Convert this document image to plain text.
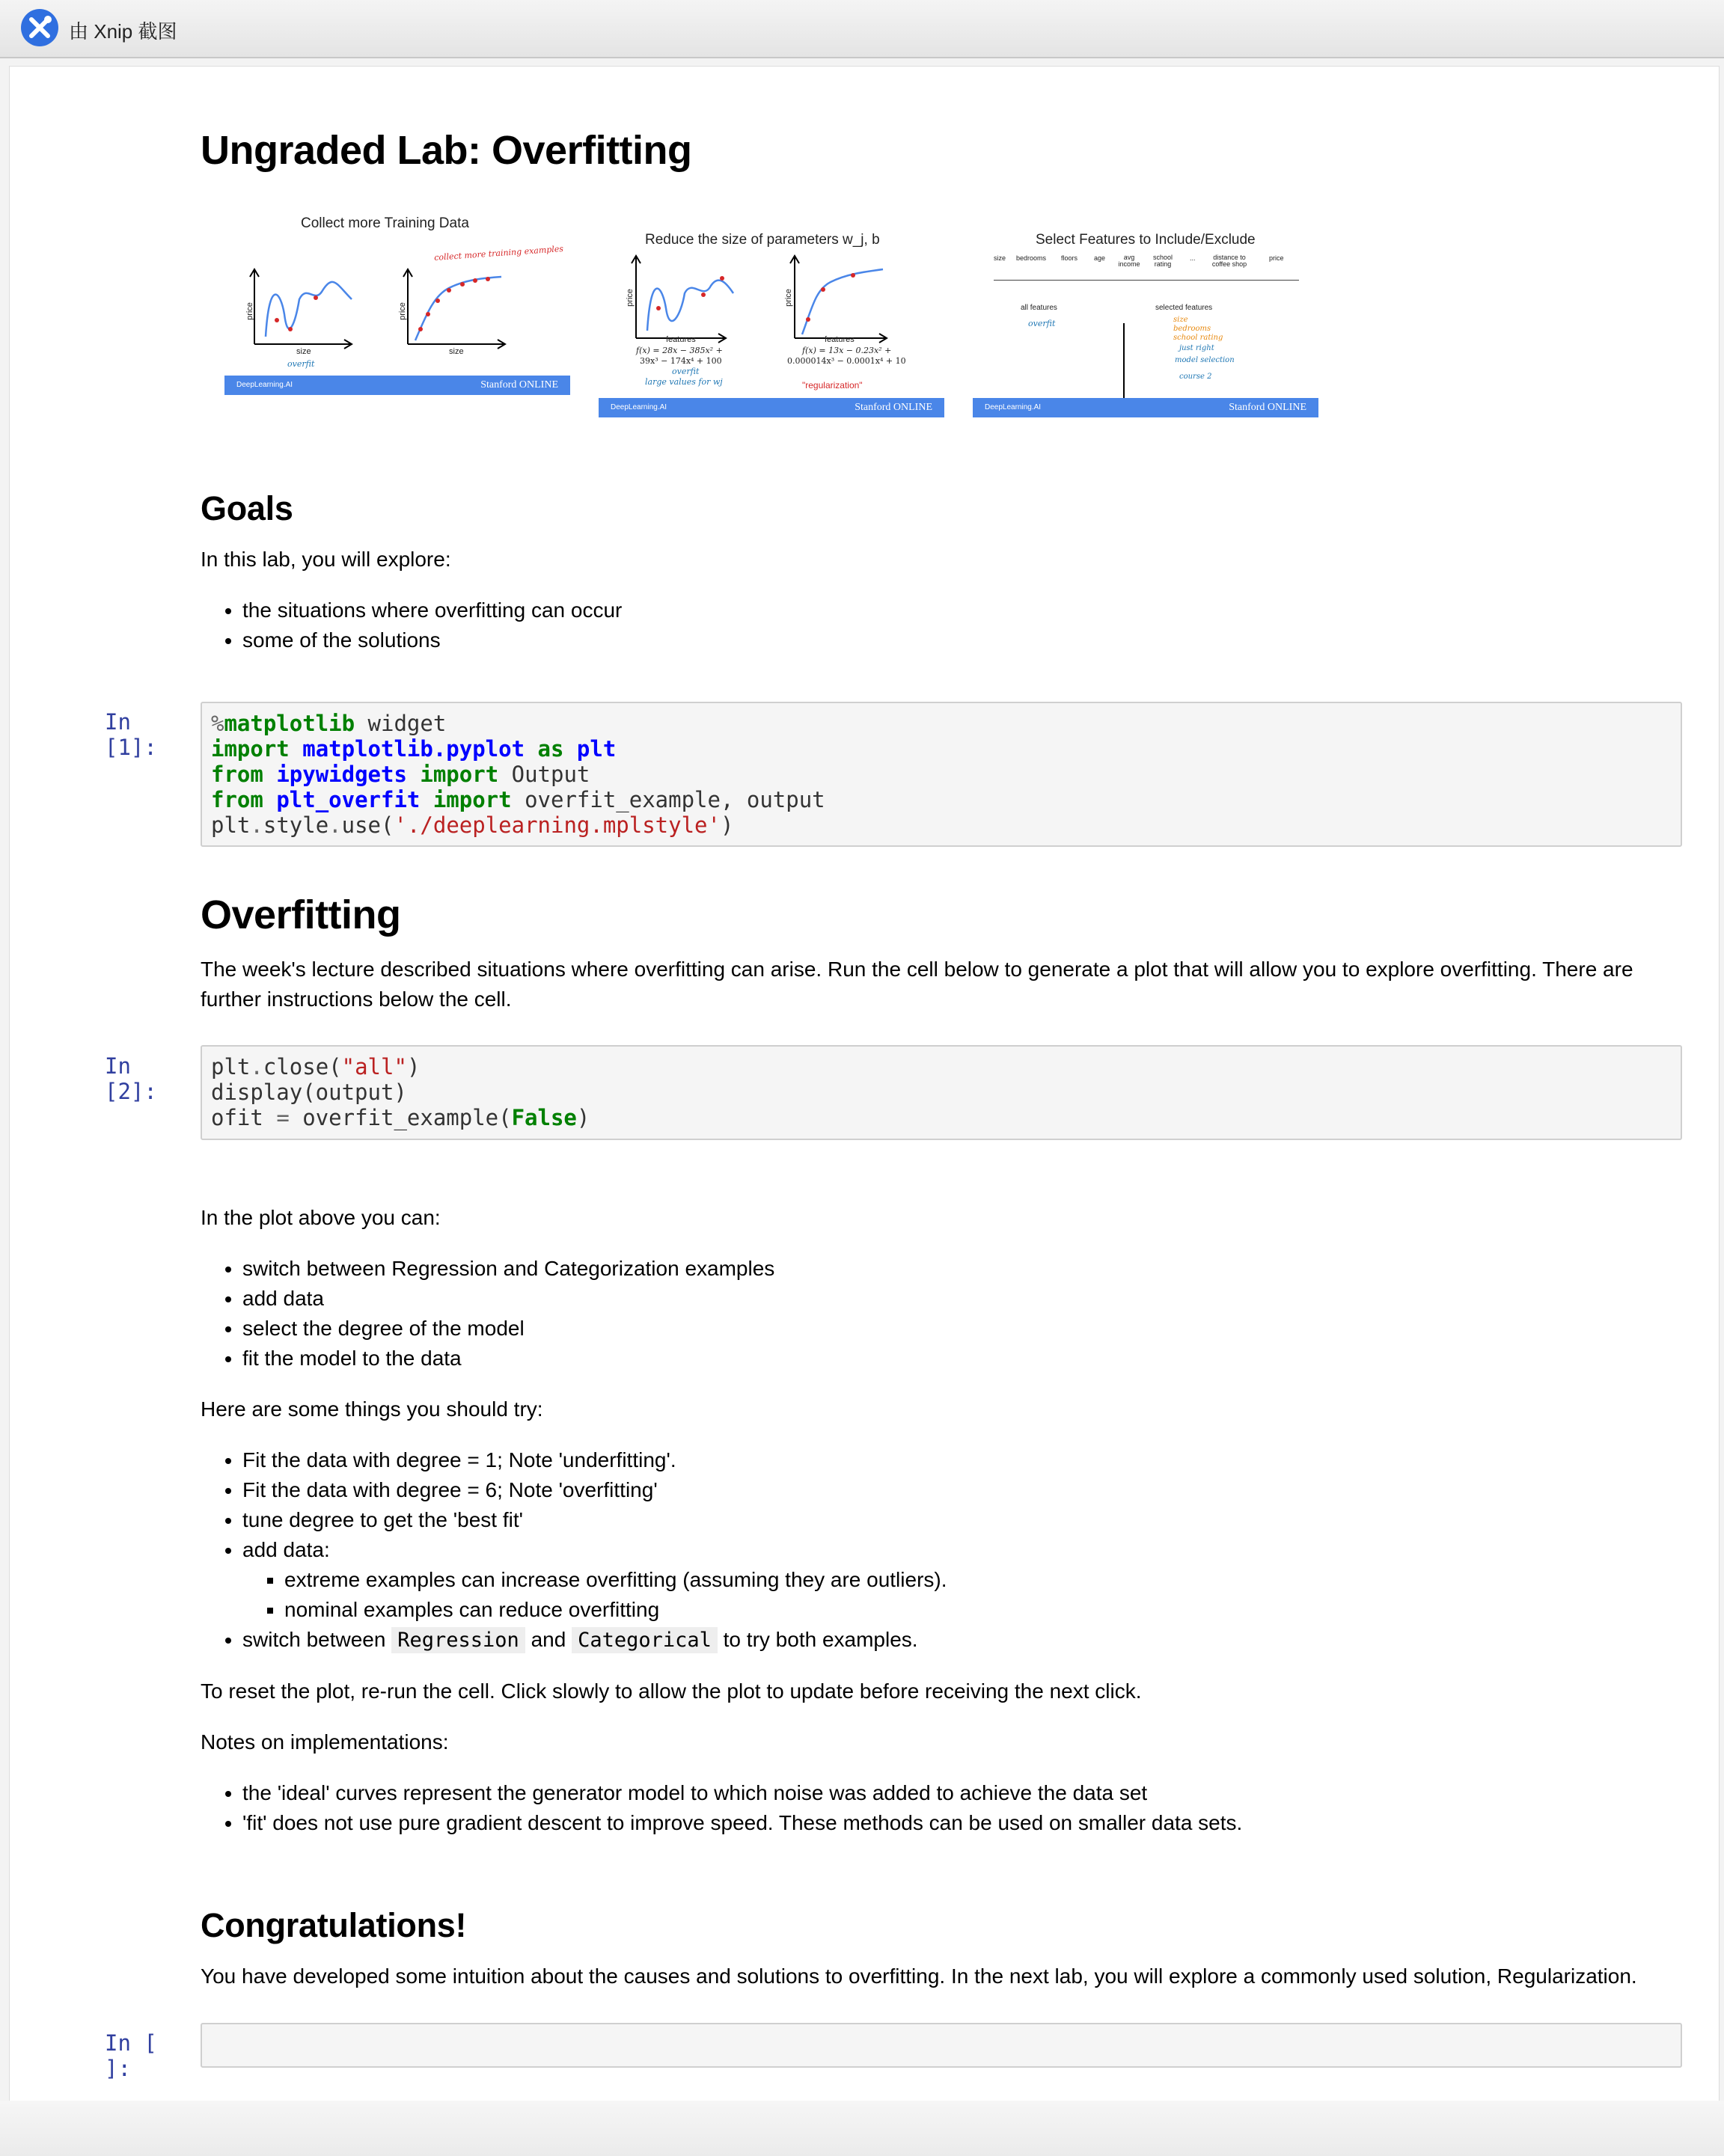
由 Xnip 截图
Ungraded Lab: Overfitting
Collect more Training Data
collect more training examples
price	price
size	size
overfit
DeepLearning.AI	Stanford ONLINE
Reduce the size of parameters w_j, b
price	price
features	features
f(x) = 28x − 385x² +
39x³ − 174x⁴ + 100
f(x) = 13x − 0.23x² +
0.000014x³ − 0.0001x⁴ + 10
overfit
large values for wj	"regularization"
DeepLearning.AI	Stanford ONLINE
Select Features to Include/Exclude
size bedrooms floors age	avg income
school rating
...	distance to coffee shop
price
all features
overfit
selected features
size
bedrooms
school rating
just right
model selection
course 2
DeepLearning.AI	Stanford ONLINE
Goals

In this lab, you will explore:

• the situations where overfitting can occur
• some of the solutions
In [1]:
%matplotlib widget
import matplotlib.pyplot as plt
from ipywidgets import Output
from plt_overfit import overfit_example, output
plt.style.use('./deeplearning.mplstyle')
Overfitting

The week's lecture described situations where overfitting can arise. Run the cell below to generate a plot that will allow you to explore overfitting. There are further instructions below the cell.

In [2]:
plt.close("all")
display(output)
ofit = overfit_example(False)

In the plot above you can:

• switch between Regression and Categorization examples
• add data
• select the degree of the model
• fit the model to the data

Here are some things you should try:

• Fit the data with degree = 1; Note 'underfitting'.
• Fit the data with degree = 6; Note 'overfitting'
• tune degree to get the 'best fit'
• add data:
▪ extreme examples can increase overfitting (assuming they are outliers).
▪ nominal examples can reduce overfitting
• switch between Regression and Categorical to try both examples.

To reset the plot, re-run the cell. Click slowly to allow the plot to update before receiving the next click.

Notes on implementations:

• the 'ideal' curves represent the generator model to which noise was added to achieve the data set
• 'fit' does not use pure gradient descent to improve speed. These methods can be used on smaller data sets.
Congratulations!

You have developed some intuition about the causes and solutions to overfitting. In the next lab, you will explore a commonly used solution, Regularization.

In [ ]:
